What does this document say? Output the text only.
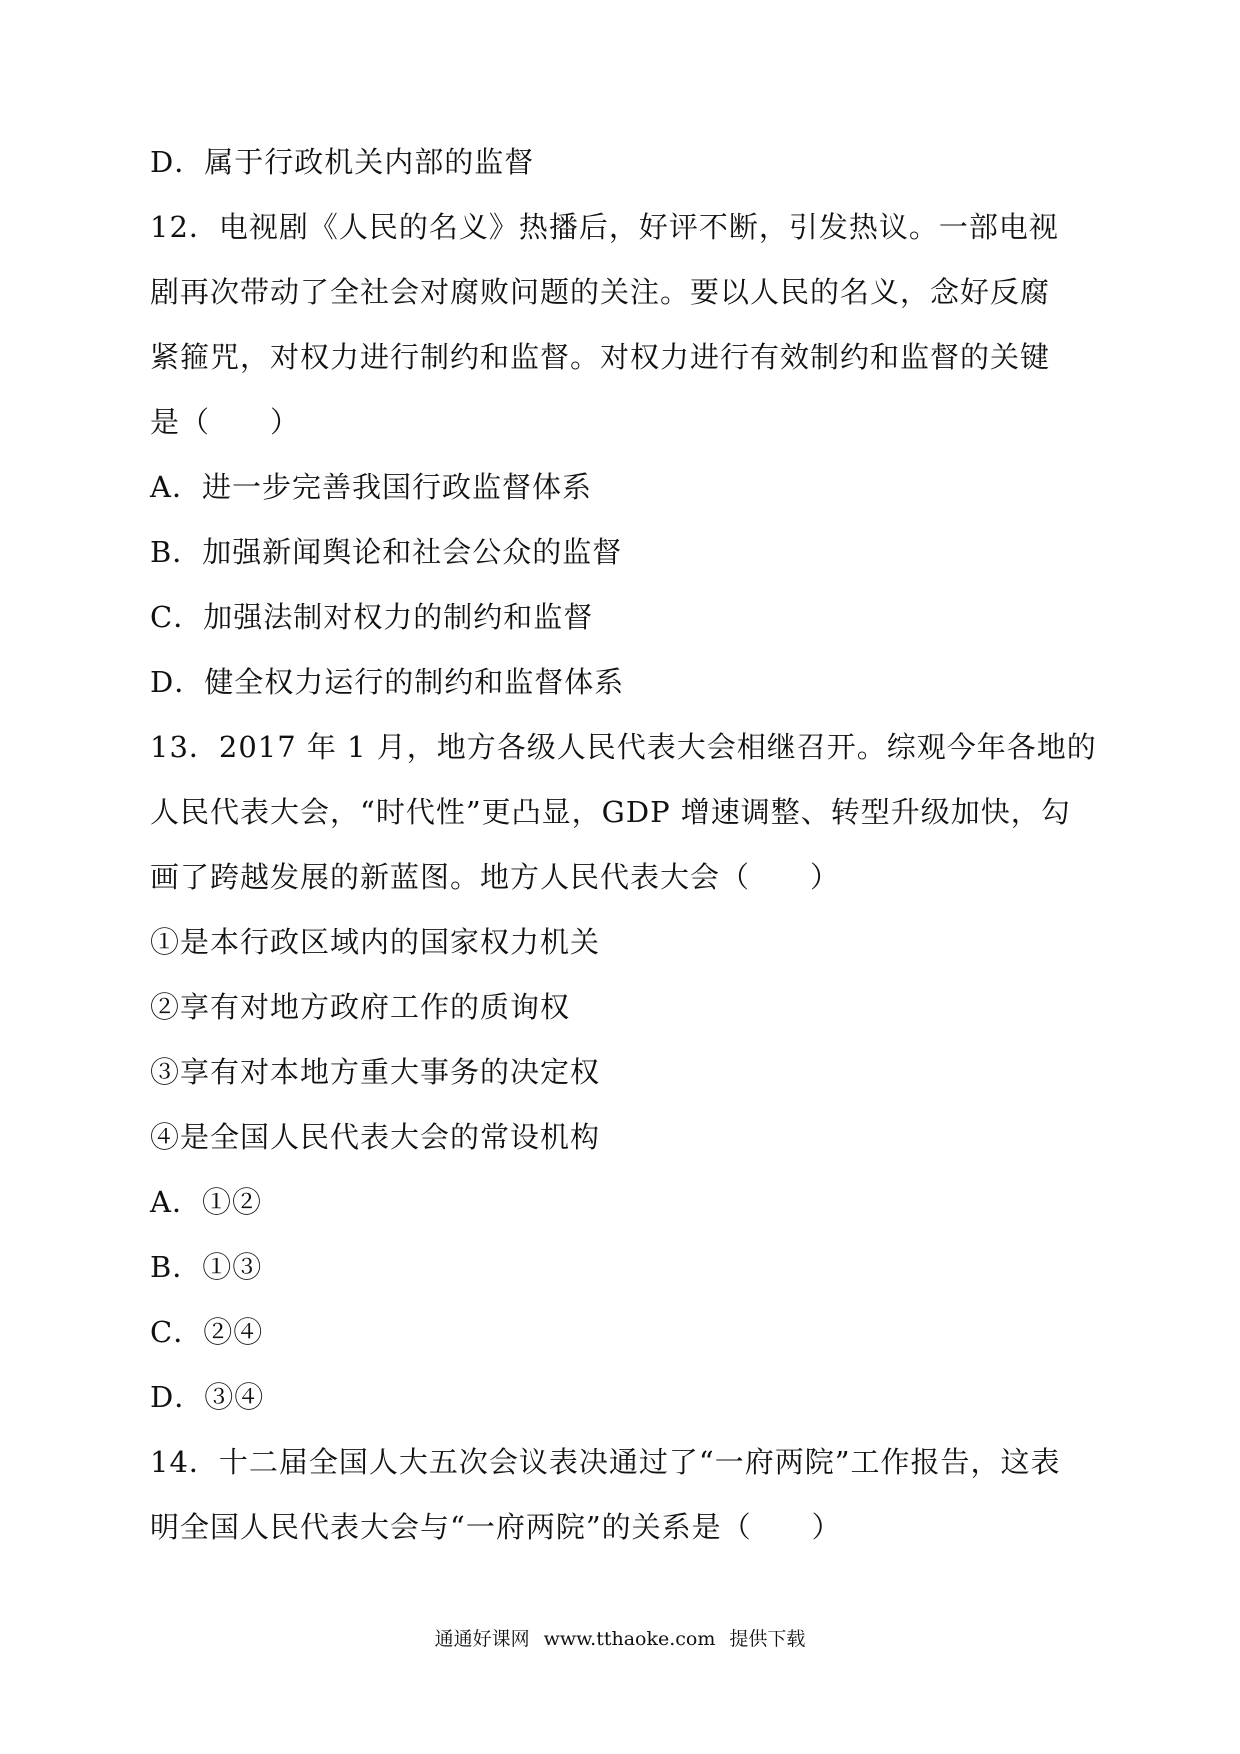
D．属于行政机关内部的监督
12．电视剧《人民的名义》热播后，好评不断，引发热议。一部电视
剧再次带动了全社会对腐败问题的关注。要以人民的名义，念好反腐
紧箍咒，对权力进行制约和监督。对权力进行有效制约和监督的关键
是（　　）
A．进一步完善我国行政监督体系
B．加强新闻舆论和社会公众的监督
C．加强法制对权力的制约和监督
D．健全权力运行的制约和监督体系
13．2017 年 1 月，地方各级人民代表大会相继召开。综观今年各地的
人民代表大会，“时代性”更凸显，GDP 增速调整、转型升级加快，勾
画了跨越发展的新蓝图。地方人民代表大会（　　）
①是本行政区域内的国家权力机关
②享有对地方政府工作的质询权
③享有对本地方重大事务的决定权
④是全国人民代表大会的常设机构
A．①②
B．①③
C．②④
D．③④
14．十二届全国人大五次会议表决通过了“一府两院”工作报告，这表
明全国人民代表大会与“一府两院”的关系是（　　）
通通好课网 www.tthaoke.com 提供下载
